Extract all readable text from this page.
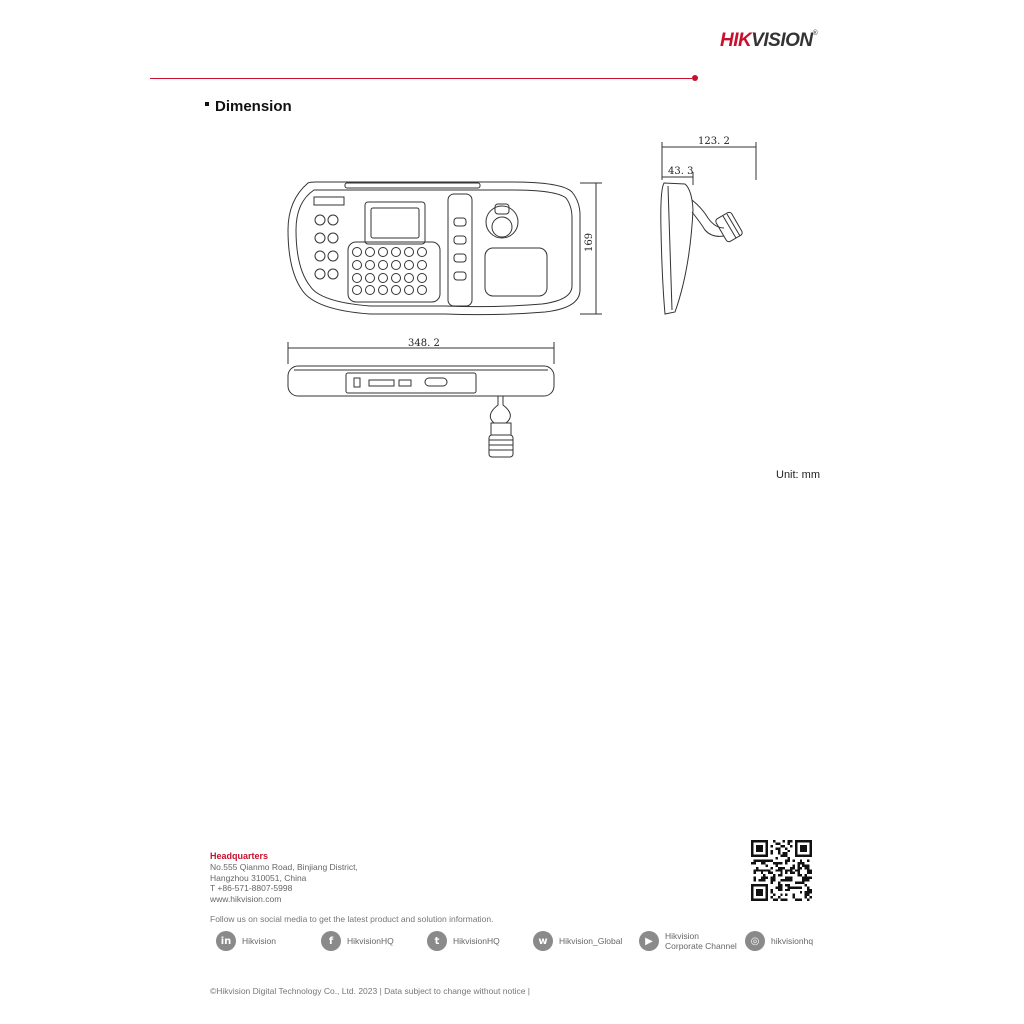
HIKVISION®
Dimension
348. 2
169
123. 2
43. 3
Unit: mm
Headquarters
No.555 Qianmo Road, Binjiang District,
Hangzhou 310051, China
T +86-571-8807-5998
www.hikvision.com
Follow us on social media to get the latest product and solution information.
in	Hikvision	f	HikvisionHQ	t	HikvisionHQ	w	Hikvision_Global	▶	Hikvision
Corporate Channel	◎	hikvisionhq
©Hikvision Digital Technology Co., Ltd. 2023 | Data subject to change without notice |
